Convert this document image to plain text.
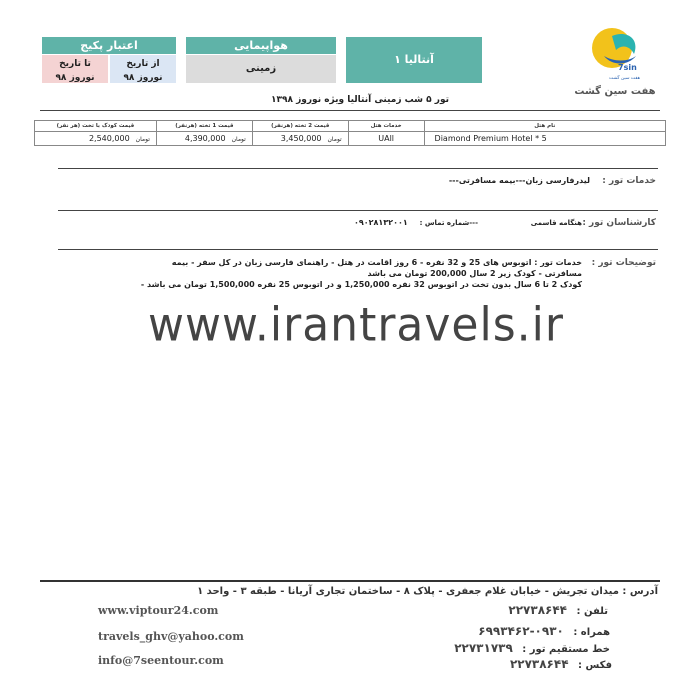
اعتبار پکیج
از تاریخ
نوروز ۹۸
تا تاریخ
نوروز ۹۸
هواپیمایی
زمینی
آنتالیا ۱
7sin
هفت سین گشت
هفت سین گشت
تور ۵ شب زمینی آنتالیا ویژه نوروز ۱۳۹۸
نام هتل	خدمات هتل	قیمت 2 تخته (هرنفر)	قیمت 1 تخته (هرنفر)	قیمت کودک با تخت (هر نفر)
Diamond Premium Hotel * 5	UAll	تومان3,450,000	تومان4,390,000	تومان2,540,000
خدمات تور :
لیدرفارسی زبان---بیمه مسافرتی---
کارشناسان تور :
هنگامه قاسمی
---شماره تماس :
۰۹۰۲۸۱۳۲۰۰۱
توضیحات تور :
خدمات تور : اتوبوس های 25 و 32 نفره - 6 روز اقامت در هتل - راهنمای فارسی زبان در کل سفر - بیمه
مسافرتی - کودک زیر 2 سال 200,000 تومان می باشد
کودک 2 تا 6 سال بدون تخت در اتوبوس 32 نفره 1,250,000 و در اتوبوس 25 نفره 1,500,000 تومان می باشد -
www.irantravels.ir
آدرس : میدان تجریش - خیابان غلام جعفری - پلاک ۸ - ساختمان تجاری آریانا - طبقه ۳ - واحد ۱
تلفن : ۲۲۷۳۸۶۴۴
همراه : ۰۹۳۰-۶۹۹۳۴۶۲
خط مستقیم تور : ۲۲۷۳۱۷۳۹
فکس : ۲۲۷۳۸۶۴۴
www.viptour24.com
travels_ghv@yahoo.com
info@7seentour.com
